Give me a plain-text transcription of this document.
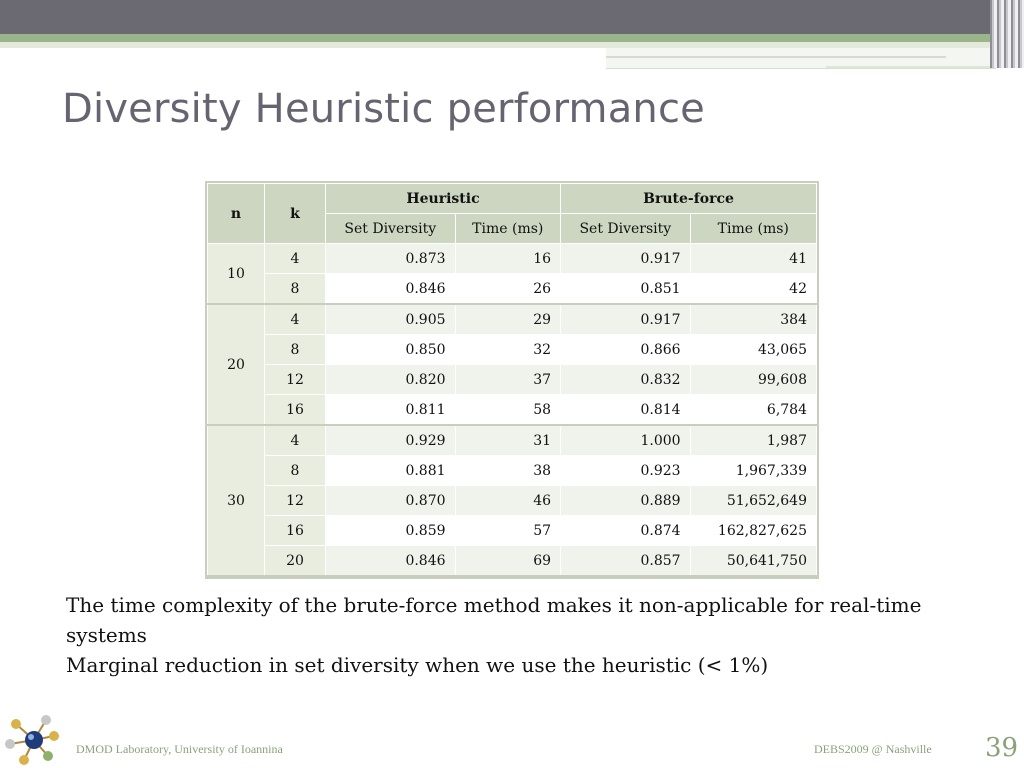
Diversity Heuristic performance
n	k	Heuristic		Brute-force	
		Set Diversity	Time (ms)	Set Diversity	Time (ms)
10	4	0.873	16	0.917	41
	8	0.846	26	0.851	42
20	4	0.905	29	0.917	384
	8	0.850	32	0.866	43,065
	12	0.820	37	0.832	99,608
	16	0.811	58	0.814	6,784
30	4	0.929	31	1.000	1,987
	8	0.881	38	0.923	1,967,339
	12	0.870	46	0.889	51,652,649
	16	0.859	57	0.874	162,827,625
	20	0.846	69	0.857	50,641,750

The time complexity of the brute-force method makes it non-applicable for real-time systems

Marginal reduction in set diversity when we use the heuristic (< 1%)

DMOD Laboratory, University of Ioannina	DEBS2009 @ Nashville 39
